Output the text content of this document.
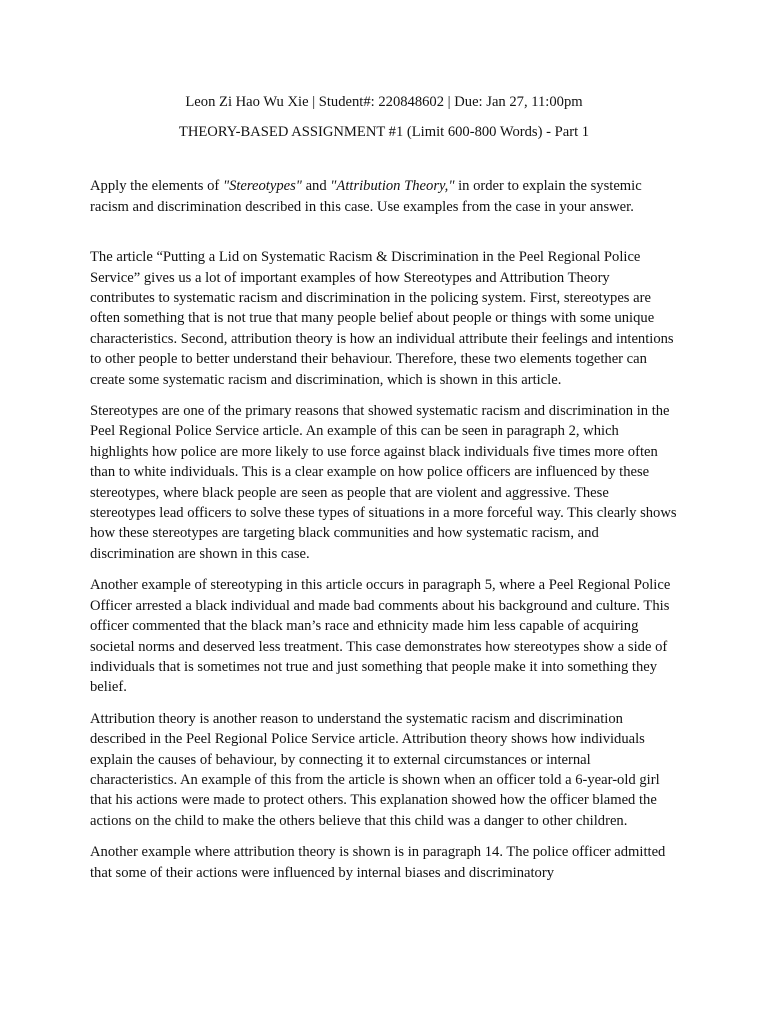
Leon Zi Hao Wu Xie | Student#: 220848602 | Due: Jan 27, 11:00pm
THEORY-BASED ASSIGNMENT #1 (Limit 600-800 Words) - Part 1
Apply the elements of "Stereotypes" and "Attribution Theory," in order to explain the systemic racism and discrimination described in this case. Use examples from the case in your answer.

The article “Putting a Lid on Systematic Racism & Discrimination in the Peel Regional Police Service” gives us a lot of important examples of how Stereotypes and Attribution Theory contributes to systematic racism and discrimination in the policing system. First, stereotypes are often something that is not true that many people belief about people or things with some unique characteristics. Second, attribution theory is how an individual attribute their feelings and intentions to other people to better understand their behaviour. Therefore, these two elements together can create some systematic racism and discrimination, which is shown in this article.

Stereotypes are one of the primary reasons that showed systematic racism and discrimination in the Peel Regional Police Service article. An example of this can be seen in paragraph 2, which highlights how police are more likely to use force against black individuals five times more often than to white individuals. This is a clear example on how police officers are influenced by these stereotypes, where black people are seen as people that are violent and aggressive. These stereotypes lead officers to solve these types of situations in a more forceful way. This clearly shows how these stereotypes are targeting black communities and how systematic racism, and discrimination are shown in this case.

Another example of stereotyping in this article occurs in paragraph 5, where a Peel Regional Police Officer arrested a black individual and made bad comments about his background and culture. This officer commented that the black man’s race and ethnicity made him less capable of acquiring societal norms and deserved less treatment. This case demonstrates how stereotypes show a side of individuals that is sometimes not true and just something that people make it into something they belief.

Attribution theory is another reason to understand the systematic racism and discrimination described in the Peel Regional Police Service article. Attribution theory shows how individuals explain the causes of behaviour, by connecting it to external circumstances or internal characteristics. An example of this from the article is shown when an officer told a 6-year-old girl that his actions were made to protect others. This explanation showed how the officer blamed the actions on the child to make the others believe that this child was a danger to other children.

Another example where attribution theory is shown is in paragraph 14. The police officer admitted that some of their actions were influenced by internal biases and discriminatory
